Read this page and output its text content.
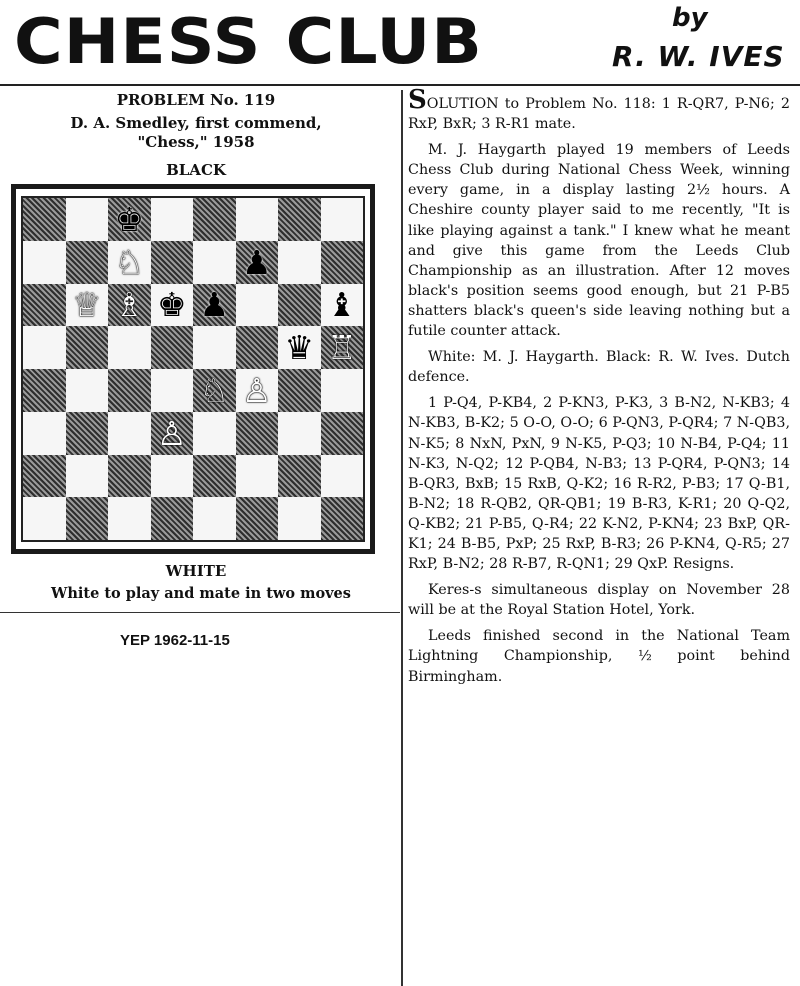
CHESS CLUB	by
R. W. IVES
PROBLEM No. 119
D. A. Smedley, first commend,
"Chess," 1958
BLACK
♚
♘	♟
♕ ♗ ♚ ♟	♝
♛ ♖
♘ ♙
♙
WHITE
White to play and mate in two moves
YEP 1962-11-15

SOLUTION to Problem No. 118: 1 R-QR7, P-N6; 2 RxP, BxR; 3 R-R1 mate.

M. J. Haygarth played 19 members of Leeds Chess Club during National Chess Week, winning every game, in a display lasting 2½ hours. A Cheshire county player said to me recently, "It is like playing against a tank." I knew what he meant and give this game from the Leeds Club Championship as an illustration. After 12 moves black's position seems good enough, but 21 P-B5 shatters black's queen's side leaving nothing but a futile counter attack.

White: M. J. Haygarth. Black: R. W. Ives. Dutch defence.

1 P-Q4, P-KB4, 2 P-KN3, P-K3, 3 B-N2, N-KB3; 4 N-KB3, B-K2; 5 O-O, O-O; 6 P-QN3, P-QR4; 7 N-QB3, N-K5; 8 NxN, PxN, 9 N-K5, P-Q3; 10 N-B4, P-Q4; 11 N-K3, N-Q2; 12 P-QB4, N-B3; 13 P-QR4, P-QN3; 14 B-QR3, BxB; 15 RxB, Q-K2; 16 R-R2, P-B3; 17 Q-B1, B-N2; 18 R-QB2, QR-QB1; 19 B-R3, K-R1; 20 Q-Q2, Q-KB2; 21 P-B5, Q-R4; 22 K-N2, P-KN4; 23 BxP, QR-K1; 24 B-B5, PxP; 25 RxP, B-R3; 26 P-KN4, Q-R5; 27 RxP, B-N2; 28 R-B7, R-QN1; 29 QxP. Resigns.

Keres-s simultaneous display on November 28 will be at the Royal Station Hotel, York.

Leeds finished second in the National Team Lightning Championship, ½ point behind Birmingham.
